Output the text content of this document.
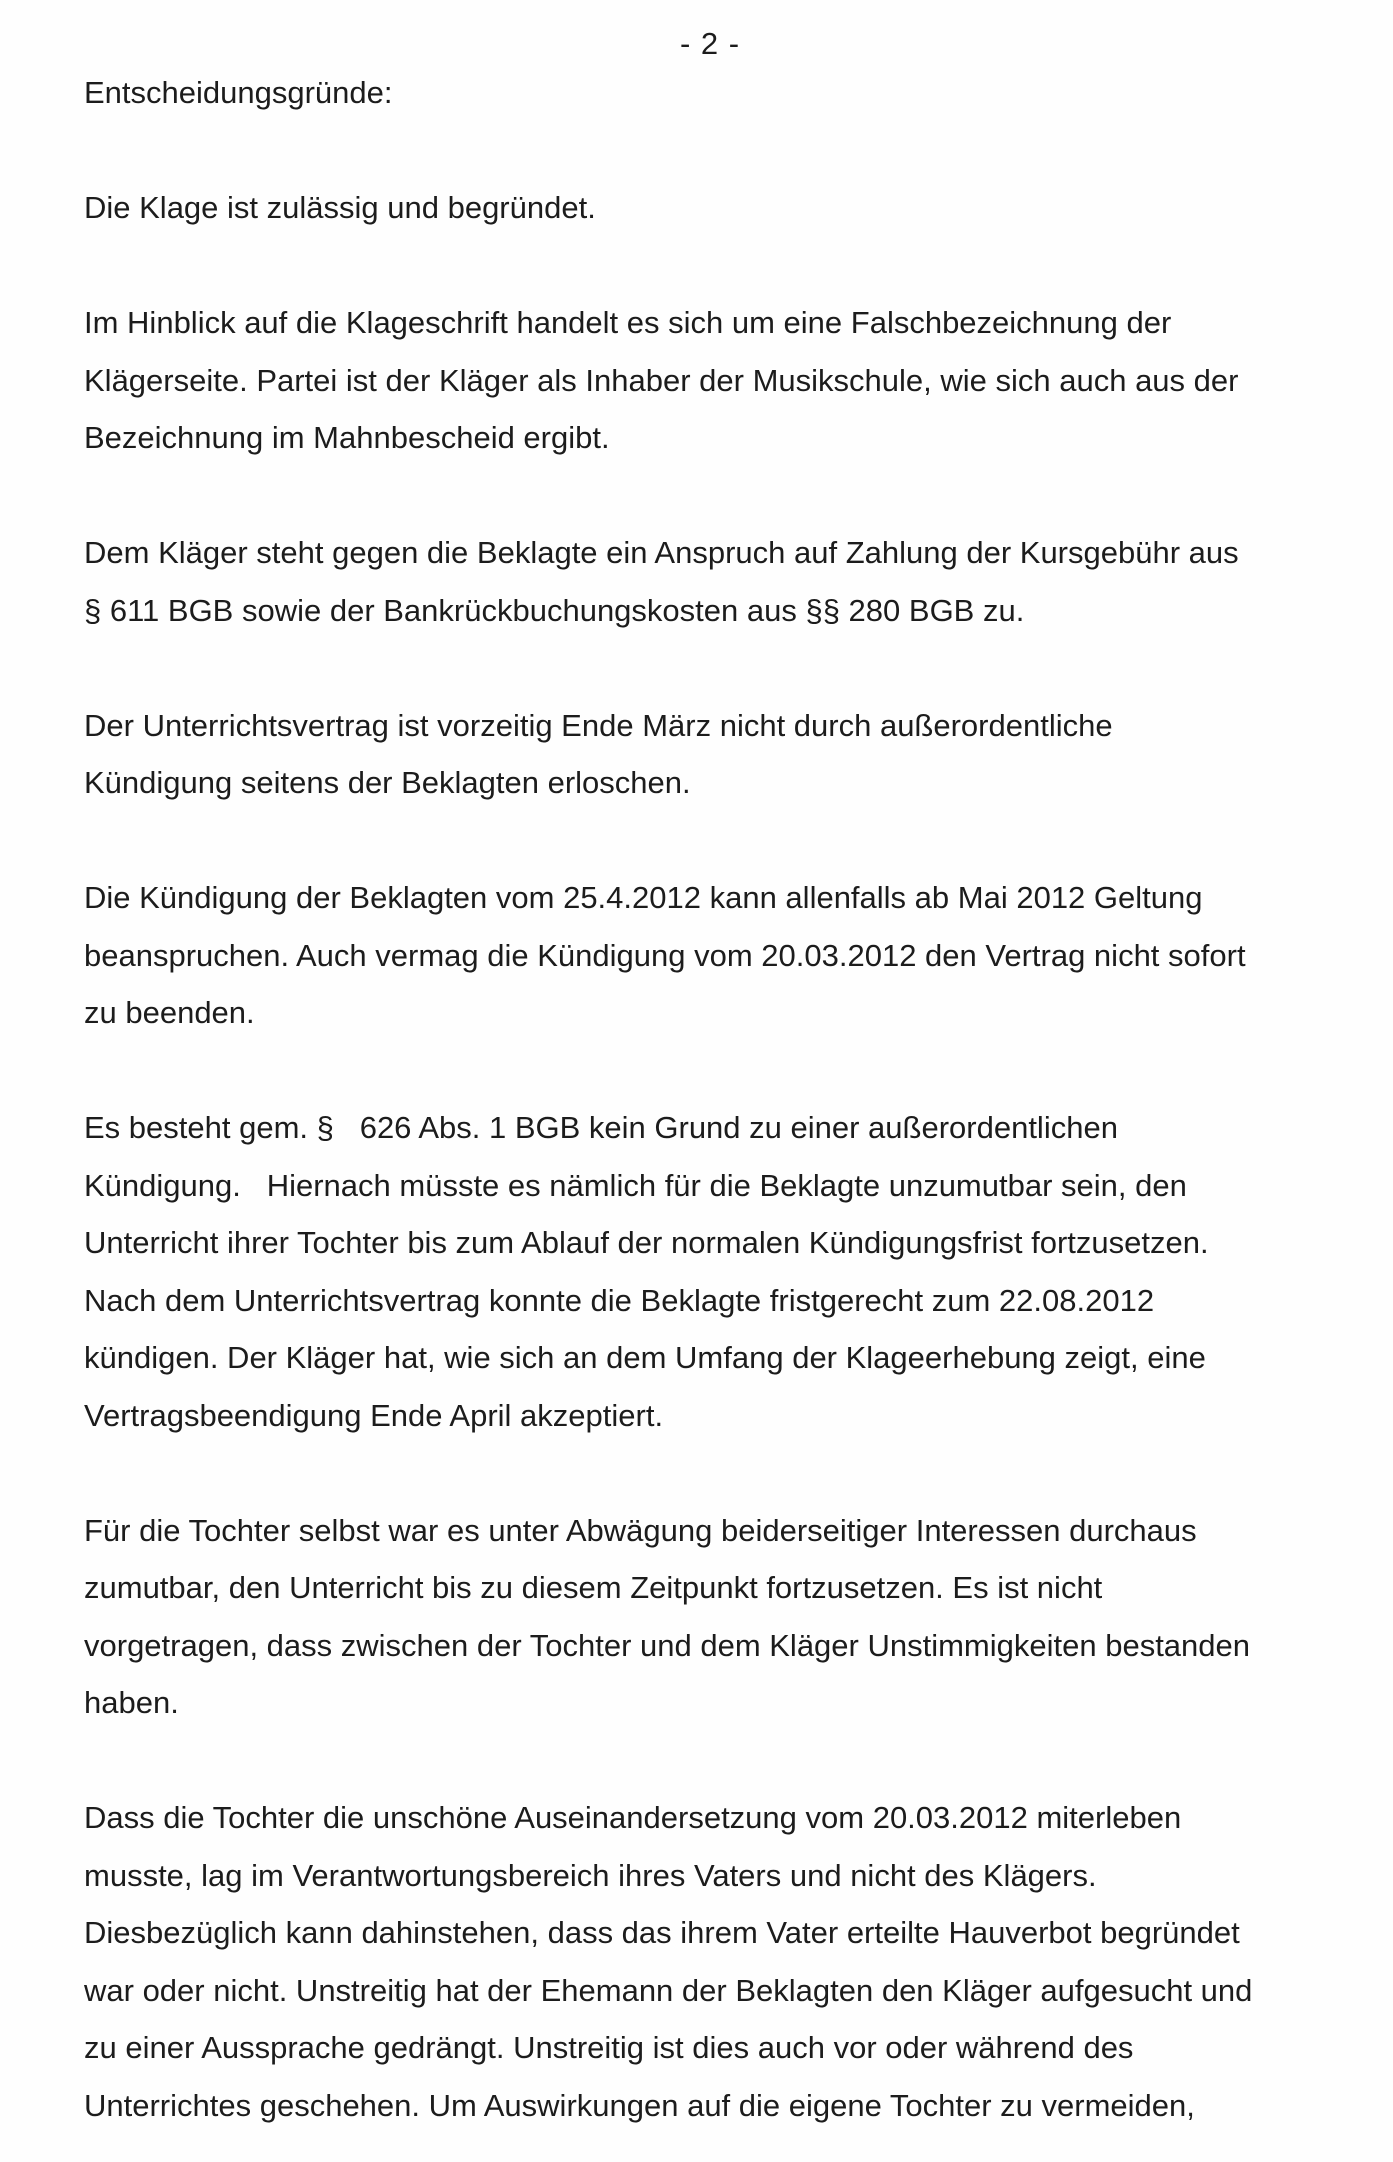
- 2 -

Entscheidungsgründe:

Die Klage ist zulässig und begründet.

Im Hinblick auf die Klageschrift handelt es sich um eine Falschbezeichnung der
Klägerseite. Partei ist der Kläger als Inhaber der Musikschule, wie sich auch aus der
Bezeichnung im Mahnbescheid ergibt.

Dem Kläger steht gegen die Beklagte ein Anspruch auf Zahlung der Kursgebühr aus
§ 611 BGB sowie der Bankrückbuchungskosten aus §§ 280 BGB zu.

Der Unterrichtsvertrag ist vorzeitig Ende März nicht durch außerordentliche
Kündigung seitens der Beklagten erloschen.

Die Kündigung der Beklagten vom 25.4.2012 kann allenfalls ab Mai 2012 Geltung
beanspruchen. Auch vermag die Kündigung vom 20.03.2012 den Vertrag nicht sofort
zu beenden.

Es besteht gem. §   626 Abs. 1 BGB kein Grund zu einer außerordentlichen
Kündigung.   Hiernach müsste es nämlich für die Beklagte unzumutbar sein, den
Unterricht ihrer Tochter bis zum Ablauf der normalen Kündigungsfrist fortzusetzen.
Nach dem Unterrichtsvertrag konnte die Beklagte fristgerecht zum 22.08.2012
kündigen. Der Kläger hat, wie sich an dem Umfang der Klageerhebung zeigt, eine
Vertragsbeendigung Ende April akzeptiert.

Für die Tochter selbst war es unter Abwägung beiderseitiger Interessen durchaus
zumutbar, den Unterricht bis zu diesem Zeitpunkt fortzusetzen. Es ist nicht
vorgetragen, dass zwischen der Tochter und dem Kläger Unstimmigkeiten bestanden
haben.

Dass die Tochter die unschöne Auseinandersetzung vom 20.03.2012 miterleben
musste, lag im Verantwortungsbereich ihres Vaters und nicht des Klägers.
Diesbezüglich kann dahinstehen, dass das ihrem Vater erteilte Hauverbot begründet
war oder nicht. Unstreitig hat der Ehemann der Beklagten den Kläger aufgesucht und
zu einer Aussprache gedrängt. Unstreitig ist dies auch vor oder während des
Unterrichtes geschehen. Um Auswirkungen auf die eigene Tochter zu vermeiden,
